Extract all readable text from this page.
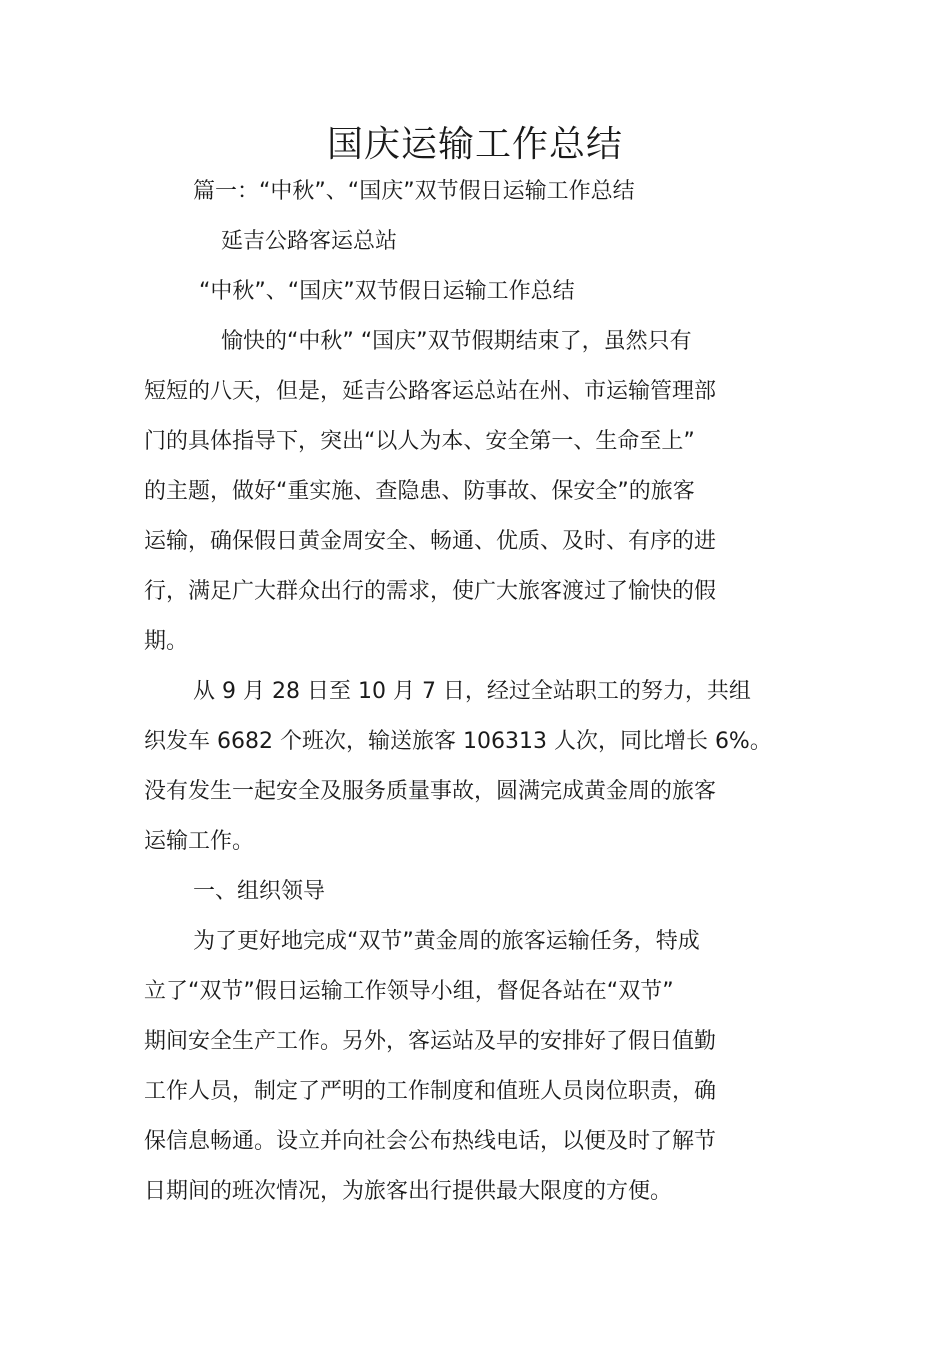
国庆运输工作总结
篇一：“中秋”、“国庆”双节假日运输工作总结
延吉公路客运总站
“中秋”、“国庆”双节假日运输工作总结
愉快的“中秋” “国庆”双节假期结束了，虽然只有
短短的八天，但是，延吉公路客运总站在州、市运输管理部
门的具体指导下，突出“以人为本、安全第一、生命至上”
的主题，做好“重实施、查隐患、防事故、保安全”的旅客
运输，确保假日黄金周安全、畅通、优质、及时、有序的进
行，满足广大群众出行的需求，使广大旅客渡过了愉快的假
期。
从 9 月 28 日至 10 月 7 日，经过全站职工的努力，共组
织发车 6682 个班次，输送旅客 106313 人次，同比增长 6%。
没有发生一起安全及服务质量事故，圆满完成黄金周的旅客
运输工作。
一、组织领导
为了更好地完成“双节”黄金周的旅客运输任务，特成
立了“双节”假日运输工作领导小组，督促各站在“双节”
期间安全生产工作。另外，客运站及早的安排好了假日值勤
工作人员，制定了严明的工作制度和值班人员岗位职责，确
保信息畅通。设立并向社会公布热线电话，以便及时了解节
日期间的班次情况，为旅客出行提供最大限度的方便。
